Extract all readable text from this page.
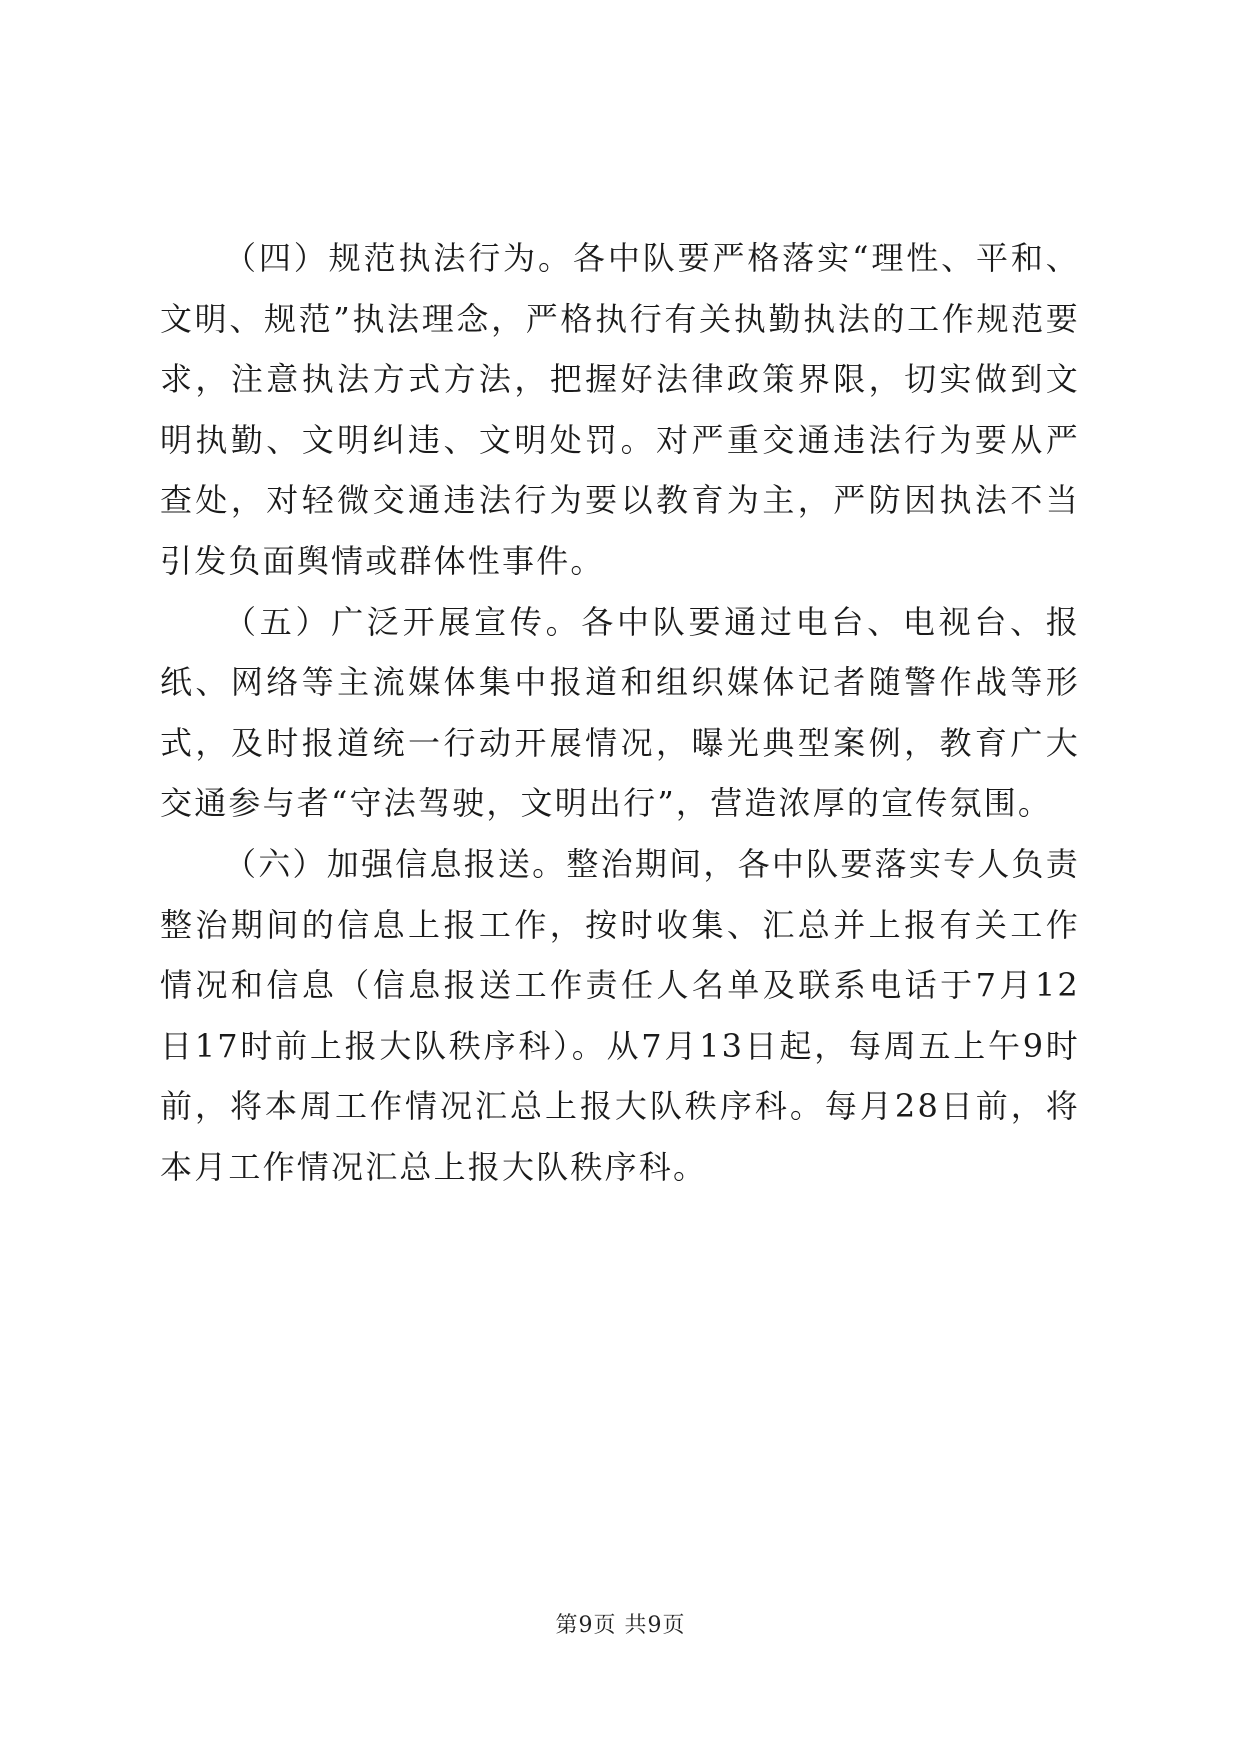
（四）规范执法行为。各中队要严格落实“理性、平和、文明、规范”执法理念，严格执行有关执勤执法的工作规范要求，注意执法方式方法，把握好法律政策界限，切实做到文明执勤、文明纠违、文明处罚。对严重交通违法行为要从严查处，对轻微交通违法行为要以教育为主，严防因执法不当引发负面舆情或群体性事件。

（五）广泛开展宣传。各中队要通过电台、电视台、报纸、网络等主流媒体集中报道和组织媒体记者随警作战等形式，及时报道统一行动开展情况，曝光典型案例，教育广大交通参与者“守法驾驶，文明出行”，营造浓厚的宣传氛围。

（六）加强信息报送。整治期间，各中队要落实专人负责整治期间的信息上报工作，按时收集、汇总并上报有关工作情况和信息（信息报送工作责任人名单及联系电话于7月12日17时前上报大队秩序科）。从7月13日起，每周五上午9时前，将本周工作情况汇总上报大队秩序科。每月28日前，将本月工作情况汇总上报大队秩序科。

第9页 共9页
